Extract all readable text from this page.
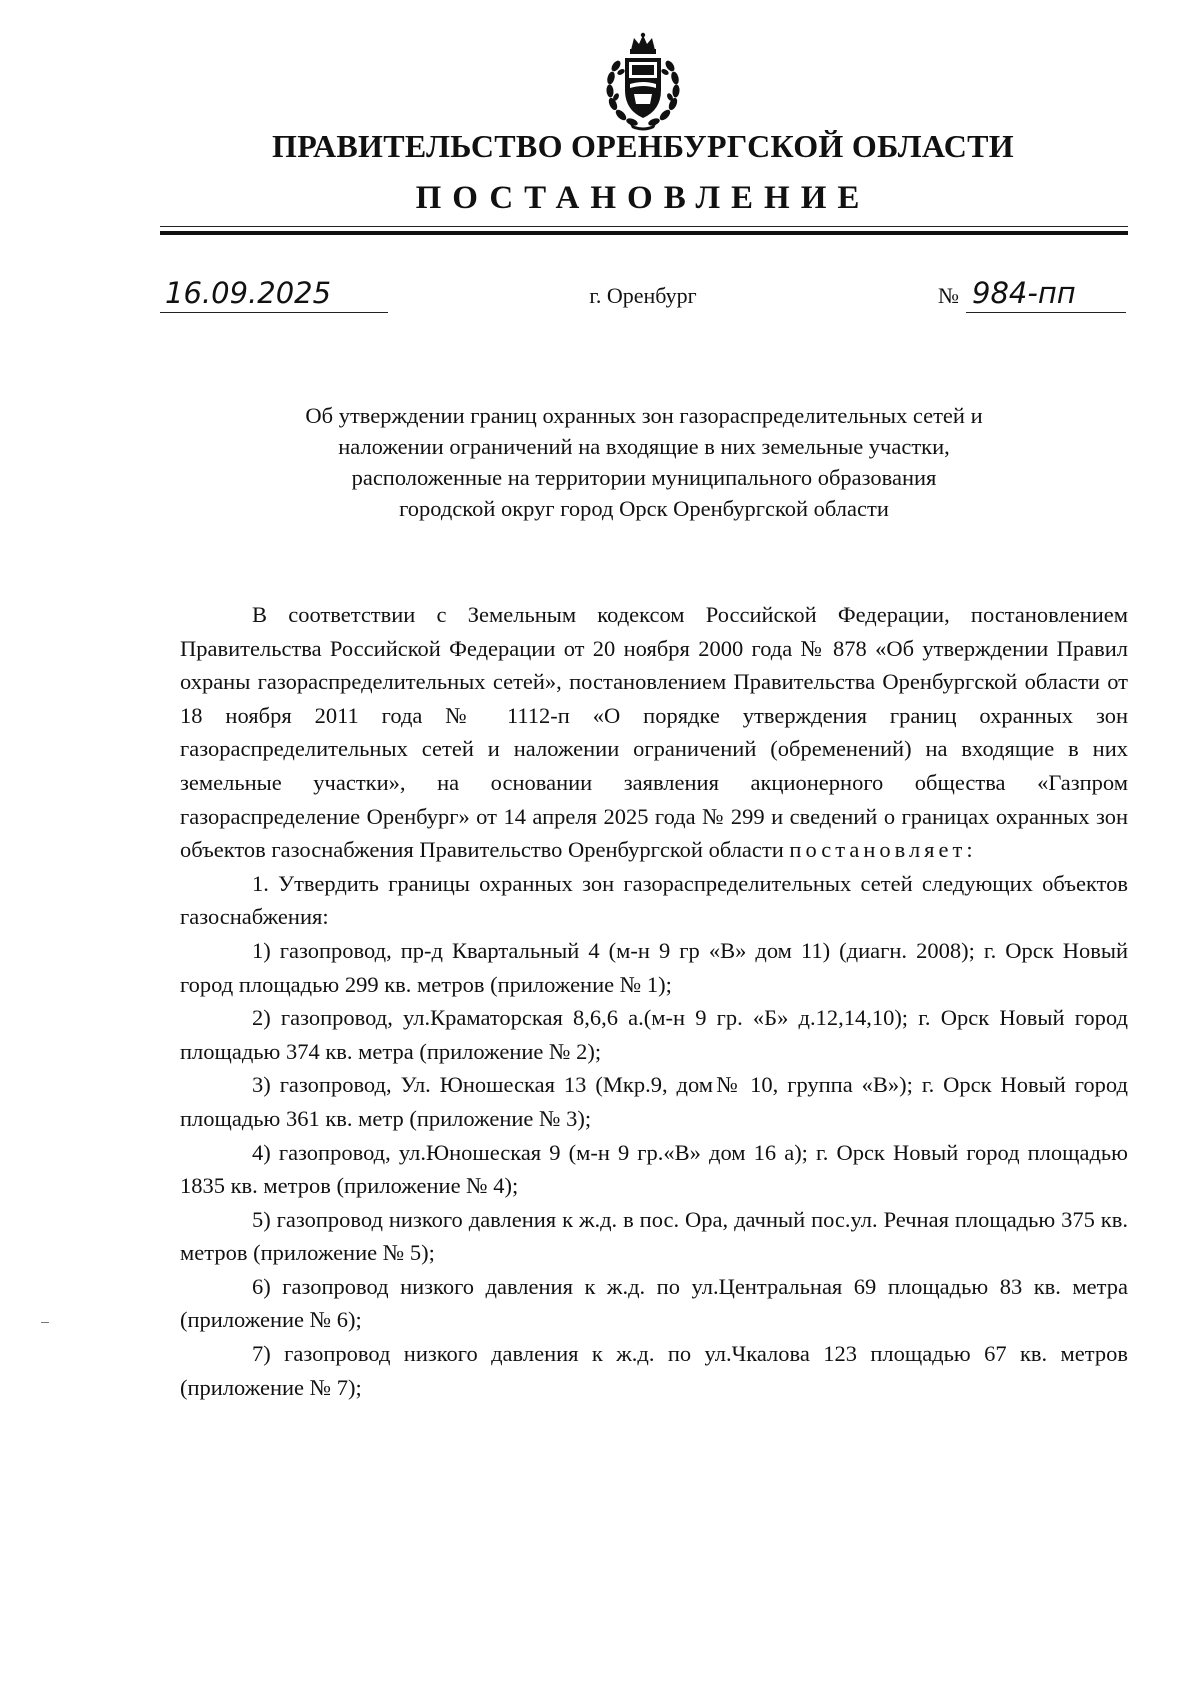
ПРАВИТЕЛЬСТВО ОРЕНБУРГСКОЙ ОБЛАСТИ
ПОСТАНОВЛЕНИЕ
16.09.2025	г. Оренбург	№ 984-пп
Об утверждении границ охранных зон газораспределительных сетей и
наложении ограничений на входящие в них земельные участки,
расположенные на территории муниципального образования
городской округ город Орск Оренбургской области

В соответствии с Земельным кодексом Российской Федерации, постановлением Правительства Российской Федерации от 20 ноября 2000 года № 878 «Об утверждении Правил охраны газораспределительных сетей», постановлением Правительства Оренбургской области от 18 ноября 2011 года № 1112-п «О порядке утверждения границ охранных зон газораспределительных сетей и наложении ограничений (обременений) на входящие в них земельные участки», на основании заявления акционерного общества «Газпром газораспределение Оренбург» от 14 апреля 2025 года № 299 и сведений о границах охранных зон объектов газоснабжения Правительство Оренбургской области постановляет:

1. Утвердить границы охранных зон газораспределительных сетей следующих объектов газоснабжения:

1) газопровод, пр-д Квартальный 4 (м-н 9 гр «В» дом 11) (диагн. 2008); г. Орск Новый город площадью 299 кв. метров (приложение № 1);

2) газопровод, ул.Краматорская 8,6,6 а.(м-н 9 гр. «Б» д.12,14,10); г. Орск Новый город площадью 374 кв. метра (приложение № 2);

3) газопровод, Ул. Юношеская 13 (Мкр.9, дом№ 10, группа «В»); г. Орск Новый город площадью 361 кв. метр (приложение № 3);

4) газопровод, ул.Юношеская 9 (м-н 9 гр.«В» дом 16 а); г. Орск Новый город площадью 1835 кв. метров (приложение № 4);

5) газопровод низкого давления к ж.д. в пос. Ора, дачный пос.ул. Речная площадью 375 кв. метров (приложение № 5);

6) газопровод низкого давления к ж.д. по ул.Центральная 69 площадью 83 кв. метра (приложение № 6);

7) газопровод низкого давления к ж.д. по ул.Чкалова 123 площадью 67 кв. метров (приложение № 7);
